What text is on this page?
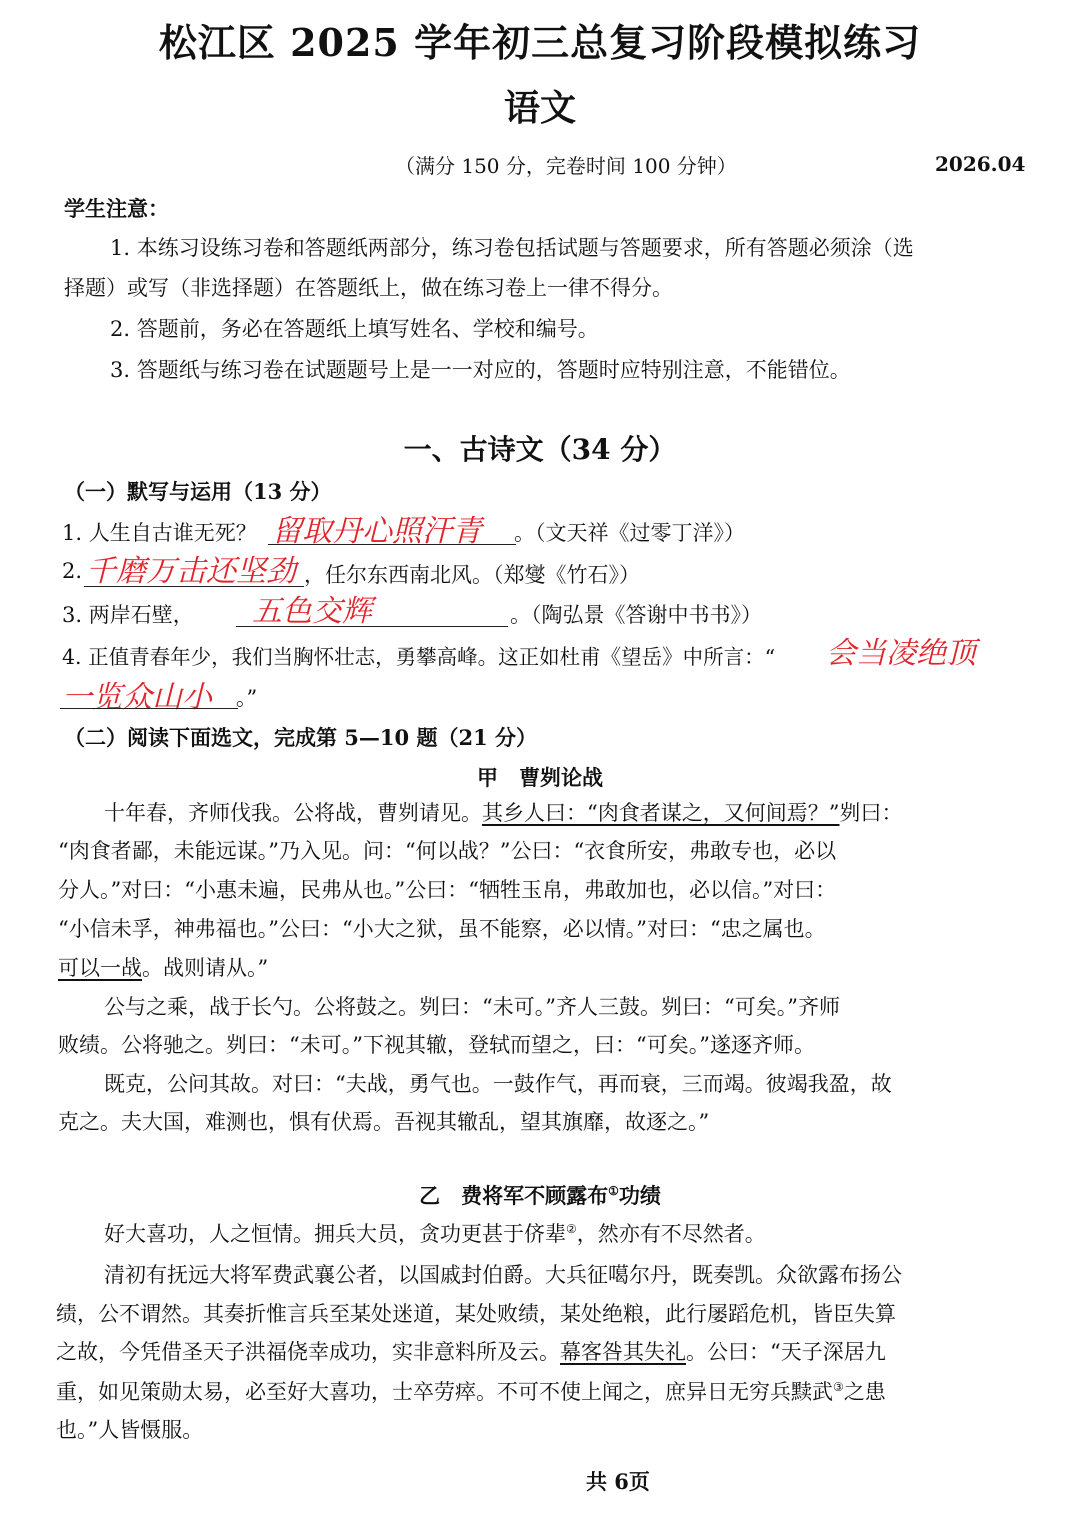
松江区 2025 学年初三总复习阶段模拟练习
语文
（满分 150 分，完卷时间 100 分钟）	2026.04
学生注意：
1. 本练习设练习卷和答题纸两部分，练习卷包括试题与答题要求，所有答题必须涂（选
择题）或写（非选择题）在答题纸上，做在练习卷上一律不得分。
2. 答题前，务必在答题纸上填写姓名、学校和编号。
3. 答题纸与练习卷在试题题号上是一一对应的，答题时应特别注意，不能错位。
一、古诗文（34 分）
（一）默写与运用（13 分）
1. 人生自古谁无死？ 留取丹心照汗青 。（文天祥《过零丁洋》）
2. 千磨万击还坚劲 ，任尔东西南北风。（郑燮《竹石》）
3. 两岸石壁， 五色交辉	。（陶弘景《答谢中书书》）
4. 正值青春年少，我们当胸怀壮志，勇攀高峰。这正如杜甫《望岳》中所言：“ 会当凌绝顶
一览众山小 。”
（二）阅读下面选文，完成第 5—10 题（21 分）
甲　曹刿论战
十年春，齐师伐我。公将战，曹刿请见。其乡人曰：“肉食者谋之，又何间焉？”刿曰：
“肉食者鄙，未能远谋。”乃入见。问：“何以战？”公曰：“衣食所安，弗敢专也，必以
分人。”对曰：“小惠未遍，民弗从也。”公曰：“牺牲玉帛，弗敢加也，必以信。”对曰：
“小信未孚，神弗福也。”公曰：“小大之狱，虽不能察，必以情。”对曰：“忠之属也。
可以一战。战则请从。”
公与之乘，战于长勺。公将鼓之。刿曰：“未可。”齐人三鼓。刿曰：“可矣。”齐师
败绩。公将驰之。刿曰：“未可。”下视其辙，登轼而望之，曰：“可矣。”遂逐齐师。
既克，公问其故。对曰：“夫战，勇气也。一鼓作气，再而衰，三而竭。彼竭我盈，故
克之。夫大国，难测也，惧有伏焉。吾视其辙乱，望其旗靡，故逐之。”
乙　费将军不顾露布①功绩
好大喜功，人之恒情。拥兵大员，贪功更甚于侪辈②，然亦有不尽然者。
清初有抚远大将军费武襄公者，以国戚封伯爵。大兵征噶尔丹，既奏凯。众欲露布扬公
绩，公不谓然。其奏折惟言兵至某处迷道，某处败绩，某处绝粮，此行屡蹈危机，皆臣失算
之故，今凭借圣天子洪福侥幸成功，实非意料所及云。幕客咎其失礼。公曰：“天子深居九
重，如见策勋太易，必至好大喜功，士卒劳瘁。不可不使上闻之，庶异日无穷兵黩武③之患
也。”人皆慑服。
共 6页
